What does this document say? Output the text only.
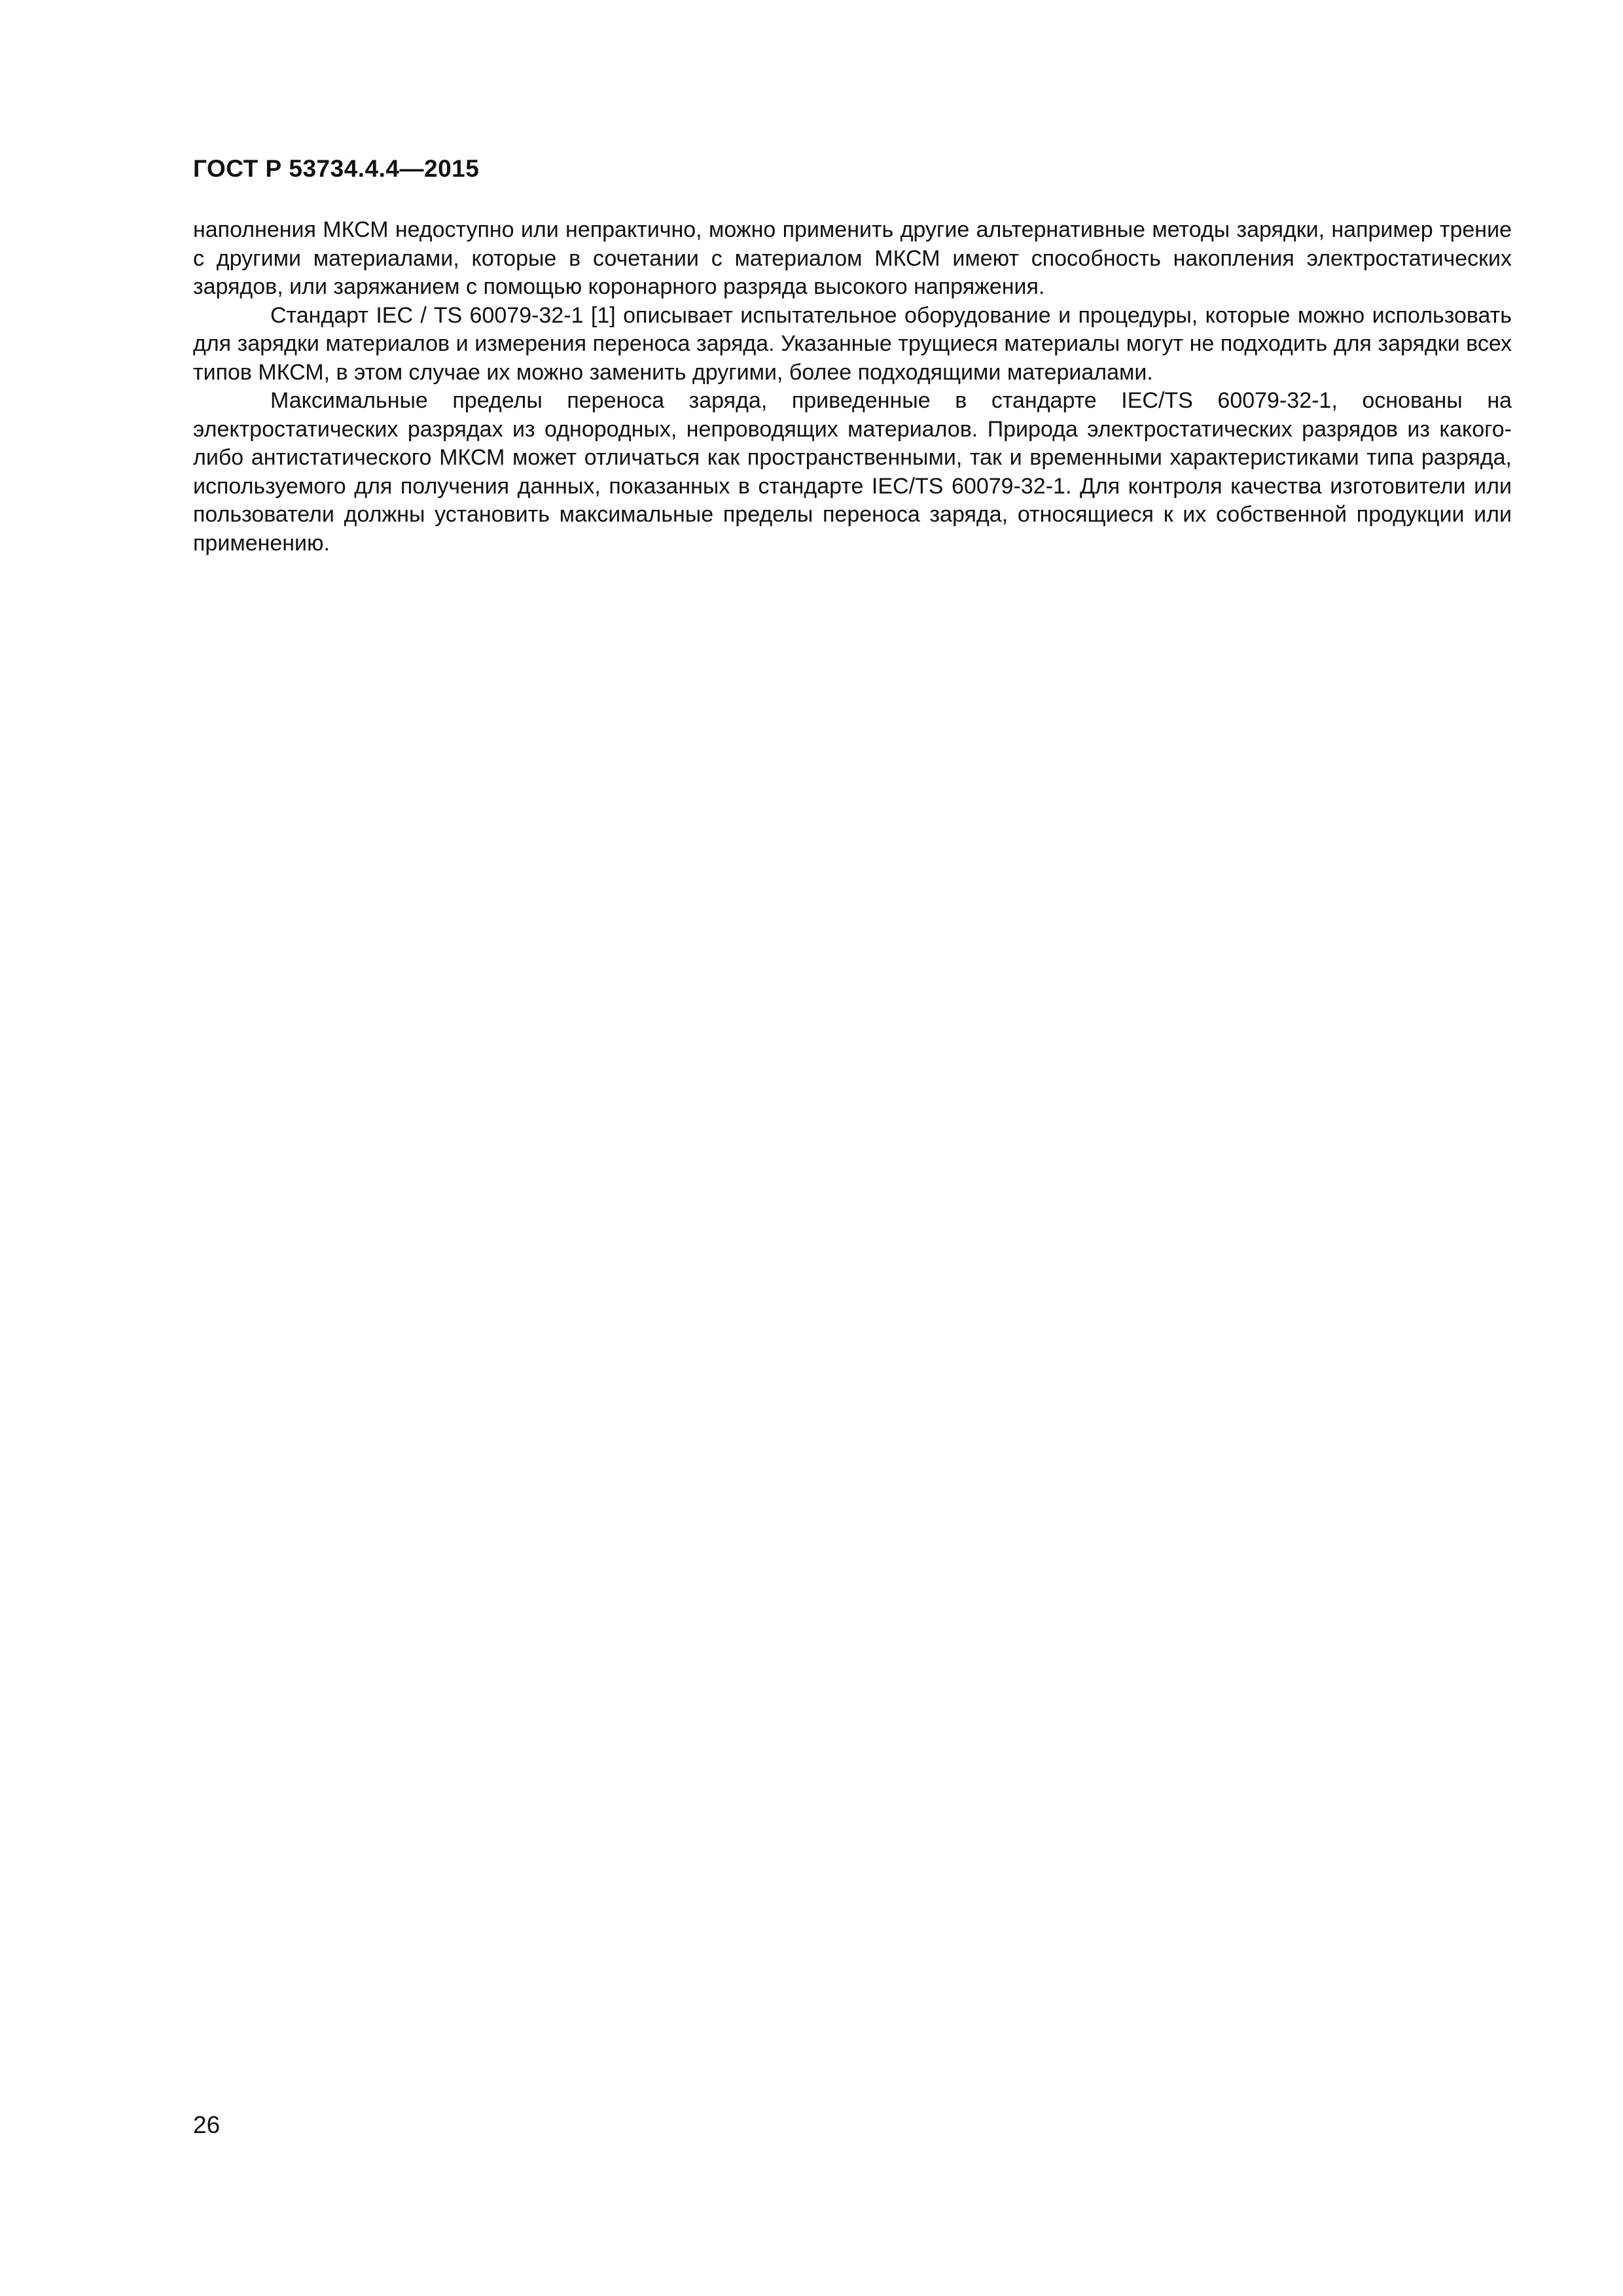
ГОСТ Р 53734.4.4—2015

наполнения МКСМ недоступно или непрактично, можно применить другие альтернативные методы зарядки, например трение с другими материалами, которые в сочетании с материалом МКСМ имеют способность накопления электростатических зарядов, или заряжанием с помощью коронарного разряда высокого напряжения.

Стандарт IEC / TS 60079-32-1 [1] описывает испытательное оборудование и процедуры, которые можно использовать для зарядки материалов и измерения переноса заряда. Указанные трущиеся материалы могут не подходить для зарядки всех типов МКСМ, в этом случае их можно заменить другими, более подходящими материалами.

Максимальные пределы переноса заряда, приведенные в стандарте IEC/TS 60079-32-1, основаны на электростатических разрядах из однородных, непроводящих материалов. Природа электростатических разрядов из какого-либо антистатического МКСМ может отличаться как пространственными, так и временными характеристиками типа разряда, используемого для получения данных, показанных в стандарте IEC/TS 60079-32-1. Для контроля качества изготовители или пользователи должны установить максимальные пределы переноса заряда, относящиеся к их собственной продукции или применению.

26
